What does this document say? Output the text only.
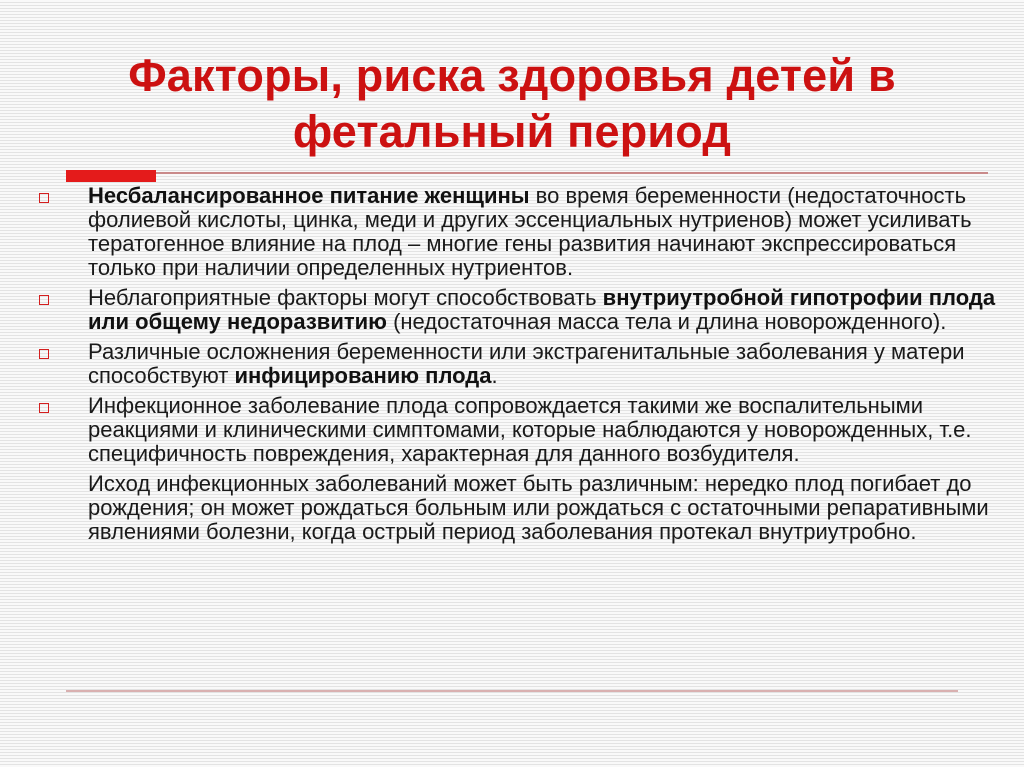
Факторы, риска здоровья детей в фетальный период
Несбалансированное питание женщины во время беременности (недостаточность фолиевой кислоты, цинка, меди и других эссенциальных нутриенов) может усиливать тератогенное влияние на плод – многие гены развития начинают экспрессироваться только при наличии определенных нутриентов.
Неблагоприятные факторы могут способствовать внутриутробной гипотрофии плода или общему недоразвитию (недостаточная масса тела и длина новорожденного).
Различные осложнения беременности или экстрагенитальные заболевания у матери способствуют инфицированию плода.
Инфекционное заболевание плода сопровождается такими же воспалительными реакциями и клиническими симптомами, которые наблюдаются у новорожденных, т.е. специфичность повреждения, характерная для данного возбудителя.
Исход инфекционных заболеваний может быть различным: нередко плод погибает до рождения; он может рождаться больным или рождаться с остаточными репаративными явлениями болезни, когда острый период заболевания протекал внутриутробно.
